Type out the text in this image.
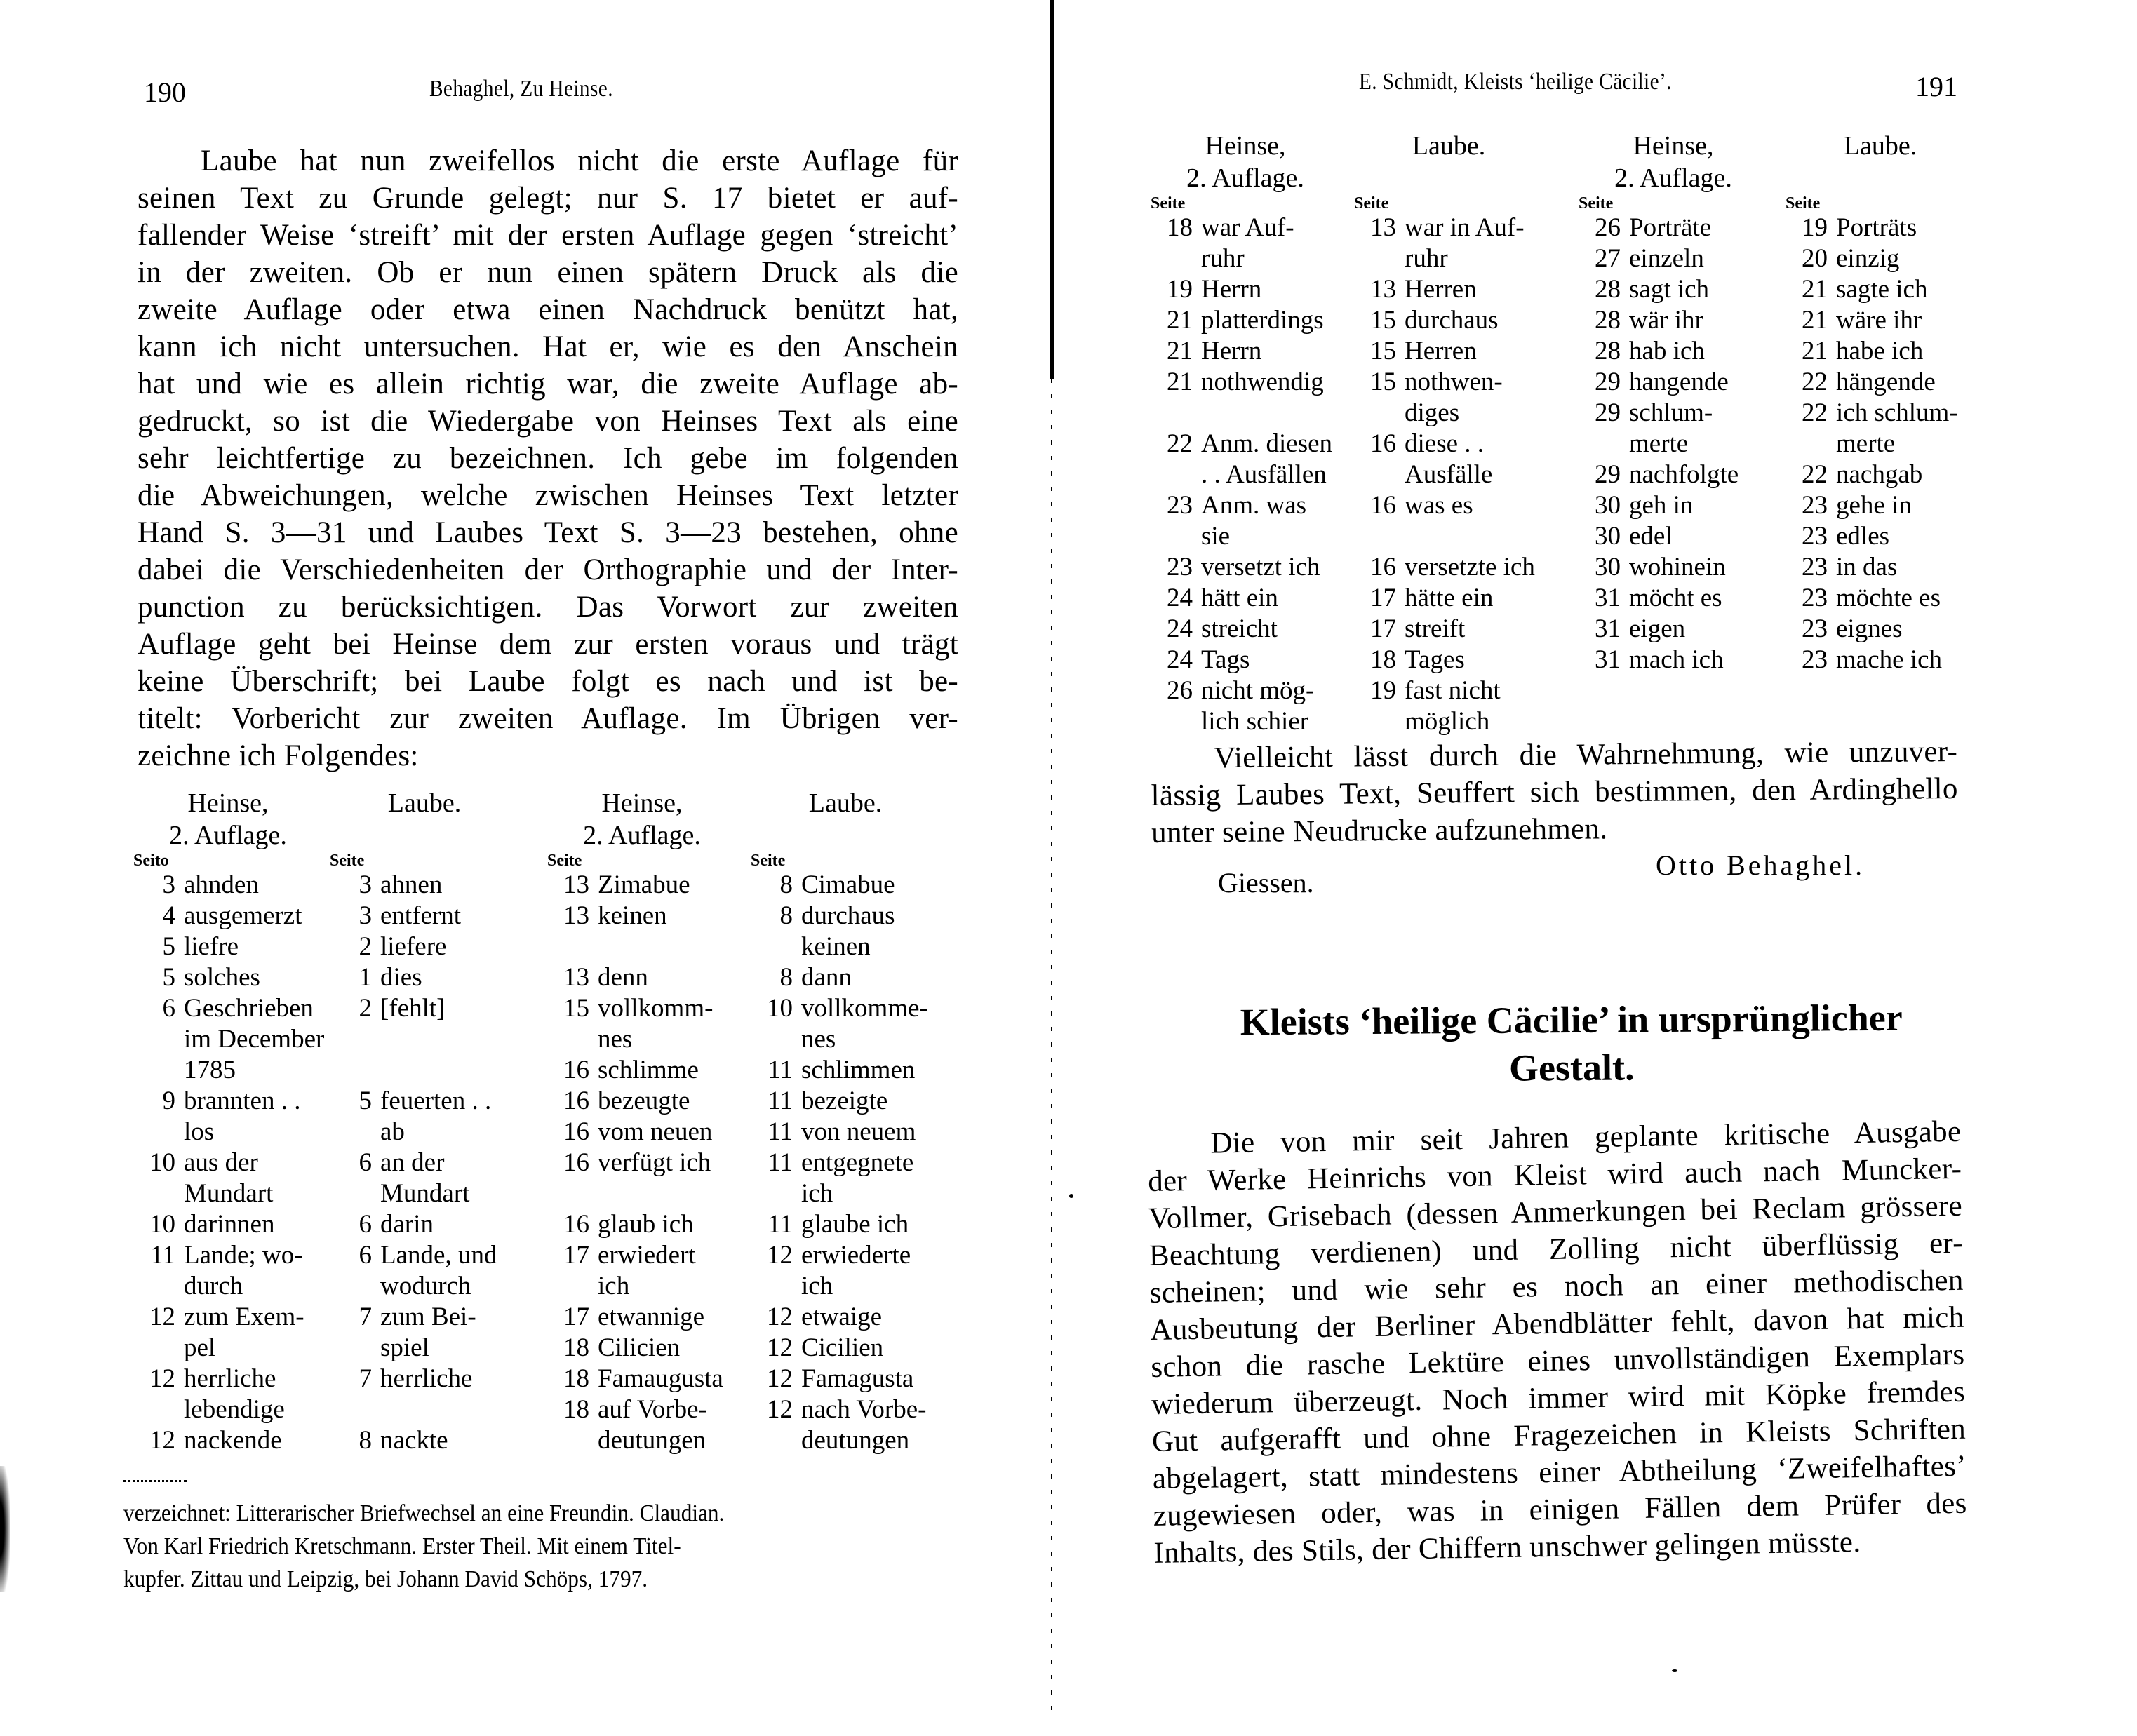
190	Behaghel, Zu Heinse.
Laube hat nun zweifellos nicht die erste Auflage für
seinen Text zu Grunde gelegt; nur S. 17 bietet er auf-
fallender Weise ‘streift’ mit der ersten Auflage gegen ‘streicht’
in der zweiten. Ob er nun einen spätern Druck als die
zweite Auflage oder etwa einen Nachdruck benützt hat,
kann ich nicht untersuchen. Hat er, wie es den Anschein
hat und wie es allein richtig war, die zweite Auflage ab-
gedruckt, so ist die Wiedergabe von Heinses Text als eine
sehr leichtfertige zu bezeichnen. Ich gebe im folgenden
die Abweichungen, welche zwischen Heinses Text letzter
Hand S. 3—31 und Laubes Text S. 3—23 bestehen, ohne
dabei die Verschiedenheiten der Orthographie und der Inter-
punction zu berücksichtigen. Das Vorwort zur zweiten
Auflage geht bei Heinse dem zur ersten voraus und trägt
keine Überschrift; bei Laube folgt es nach und ist be-
titelt: Vorbericht zur zweiten Auflage. Im Übrigen ver-
zeichne ich Folgendes:
Heinse,
2. Auflage.
Seito
3 ahnden
4 ausgemerzt
5 liefre
5 solches
6 Geschrieben
im December
1785
9 brannten . .
los
10 aus der
Mundart
10 darinnen
11 Lande; wo-
durch
12 zum Exem-
pel
12 herrliche
lebendige
12 nackende
Laube.

Seite
3 ahnen
3 entfernt
2 liefere
1 dies
2 [fehlt]

5 feuerten . .
ab
6 an der
Mundart
6 darin
6 Lande, und
wodurch
7 zum Bei-
spiel
7 herrliche

8 nackte
Heinse,
2. Auflage.
Seite
13 Zimabue
13 keinen

13 denn
15 vollkomm-
nes
16 schlimme
16 bezeugte
16 vom neuen
16 verfügt ich

16 glaub ich
17 erwiedert
ich
17 etwannige
18 Cilicien
18 Famaugusta
18 auf Vorbe-
deutungen
Laube.

Seite
8 Cimabue
8 durchaus
keinen
8 dann
10 vollkomme-
nes
11 schlimmen
11 bezeigte
11 von neuem
11 entgegnete
ich
11 glaube ich
12 erwiederte
ich
12 etwaige
12 Cicilien
12 Famagusta
12 nach Vorbe-
deutungen
verzeichnet: Litterarischer Briefwechsel an eine Freundin. Claudian.
Von Karl Friedrich Kretschmann. Erster Theil. Mit einem Titel-
kupfer. Zittau und Leipzig, bei Johann David Schöps, 1797.
E. Schmidt, Kleists ‘heilige Cäcilie’.	191
Heinse,
2. Auflage.
Seite
18 war Auf-
ruhr
19 Herrn
21 platterdings
21 Herrn
21 nothwendig

22 Anm. diesen
. . Ausfällen
23 Anm. was
sie
23 versetzt ich
24 hätt ein
24 streicht
24 Tags
26 nicht mög-
lich schier
Laube.

Seite
13 war in Auf-
ruhr
13 Herren
15 durchaus
15 Herren
15 nothwen-
diges
16 diese . .
Ausfälle
16 was es

16 versetzte ich
17 hätte ein
17 streift
18 Tages
19 fast nicht
möglich
Heinse,
2. Auflage.
Seite
26 Porträte
27 einzeln
28 sagt ich
28 wär ihr
28 hab ich
29 hangende
29 schlum-
merte
29 nachfolgte
30 geh in
30 edel
30 wohinein
31 möcht es
31 eigen
31 mach ich
Laube.

Seite
19 Porträts
20 einzig
21 sagte ich
21 wäre ihr
21 habe ich
22 hängende
22 ich schlum-
merte
22 nachgab
23 gehe in
23 edles
23 in das
23 möchte es
23 eignes
23 mache ich
Vielleicht lässt durch die Wahrnehmung, wie unzuver-
lässig Laubes Text, Seuffert sich bestimmen, den Ardinghello
unter seine Neudrucke aufzunehmen.
Otto Behaghel.
Giessen.
Kleists ‘heilige Cäcilie’ in ursprünglicher
Gestalt.
Die von mir seit Jahren geplante kritische Ausgabe
der Werke Heinrichs von Kleist wird auch nach Muncker-
Vollmer, Grisebach (dessen Anmerkungen bei Reclam grössere
Beachtung verdienen) und Zolling nicht überflüssig er-
scheinen; und wie sehr es noch an einer methodischen
Ausbeutung der Berliner Abendblätter fehlt, davon hat mich
schon die rasche Lektüre eines unvollständigen Exemplars
wiederum überzeugt. Noch immer wird mit Köpke fremdes
Gut aufgerafft und ohne Fragezeichen in Kleists Schriften
abgelagert, statt mindestens einer Abtheilung ‘Zweifelhaftes’
zugewiesen oder, was in einigen Fällen dem Prüfer des
Inhalts, des Stils, der Chiffern unschwer gelingen müsste.
